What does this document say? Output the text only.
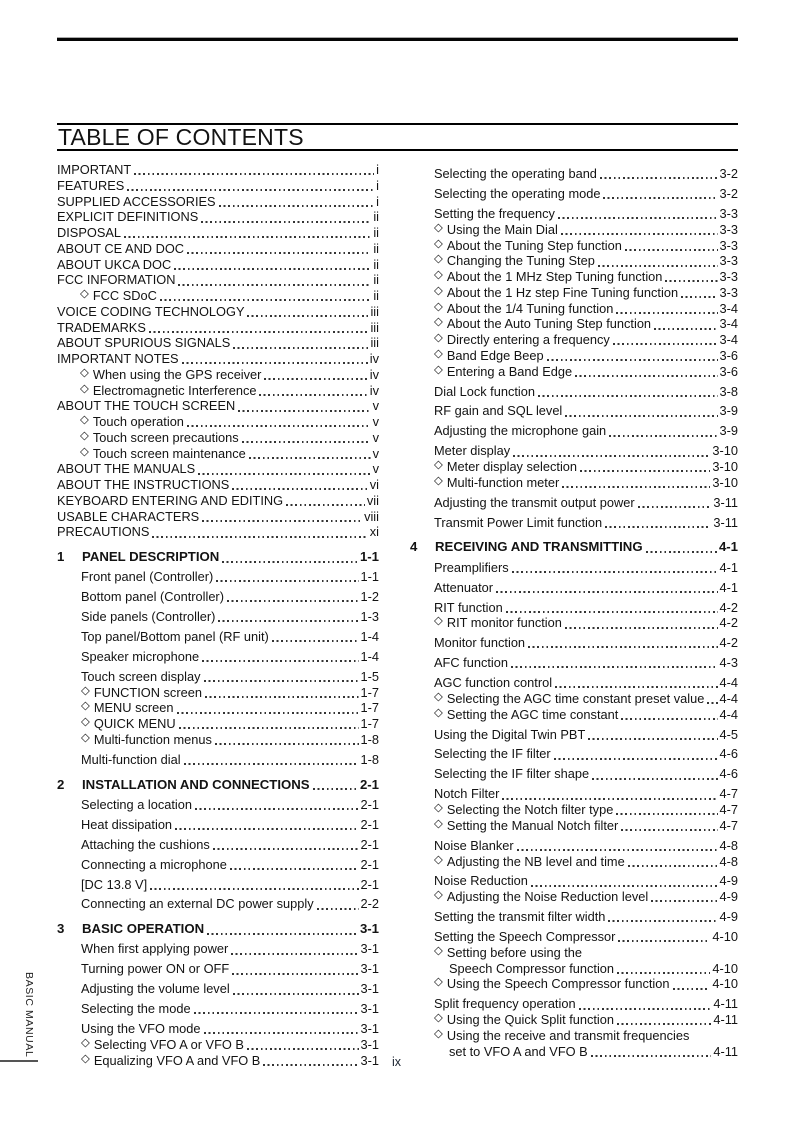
TABLE OF CONTENTS
IMPORTANT	i
FEATURES	i
SUPPLIED ACCESSORIES	i
EXPLICIT DEFINITIONS	ii
DISPOSAL	ii
ABOUT CE AND DOC	ii
ABOUT UKCA DOC	ii
FCC INFORMATION	ii
◇ FCC SDoC	ii
VOICE CODING TECHNOLOGY	iii
TRADEMARKS	iii
ABOUT SPURIOUS SIGNALS	iii
IMPORTANT NOTES	iv
◇ When using the GPS receiver	iv
◇ Electromagnetic Interference	iv
ABOUT THE TOUCH SCREEN	v
◇ Touch operation	v
◇ Touch screen precautions	v
◇ Touch screen maintenance	v
ABOUT THE MANUALS	v
ABOUT THE INSTRUCTIONS	vi
KEYBOARD ENTERING AND EDITING	vii
USABLE CHARACTERS	viii
PRECAUTIONS	xi
1	PANEL DESCRIPTION	1-1
Front panel (Controller)	1-1
Bottom panel (Controller)	1-2
Side panels (Controller)	1-3
Top panel/Bottom panel (RF unit)	1-4
Speaker microphone	1-4
Touch screen display	1-5
◇ FUNCTION screen	1-7
◇ MENU screen	1-7
◇ QUICK MENU	1-7
◇ Multi-function menus	1-8
Multi-function dial	1-8
2	INSTALLATION AND CONNECTIONS	2-1
Selecting a location	2-1
Heat dissipation	2-1
Attaching the cushions	2-1
Connecting a microphone	2-1
[DC 13.8 V]	2-1
Connecting an external DC power supply	2-2
3	BASIC OPERATION	3-1
When first applying power	3-1
Turning power ON or OFF	3-1
Adjusting the volume level	3-1
Selecting the mode	3-1
Using the VFO mode	3-1
◇ Selecting VFO A or VFO B	3-1
◇ Equalizing VFO A and VFO B	3-1
Selecting the operating band	3-2
Selecting the operating mode	3-2
Setting the frequency	3-3
◇ Using the Main Dial	3-3
◇ About the Tuning Step function	3-3
◇ Changing the Tuning Step	3-3
◇ About the 1 MHz Step Tuning function	3-3
◇ About the 1 Hz step Fine Tuning function	3-3
◇ About the 1/4 Tuning function	3-4
◇ About the Auto Tuning Step function	3-4
◇ Directly entering a frequency	3-4
◇ Band Edge Beep	3-6
◇ Entering a Band Edge	3-6
Dial Lock function	3-8
RF gain and SQL level	3-9
Adjusting the microphone gain	3-9
Meter display	3-10
◇ Meter display selection	3-10
◇ Multi-function meter	3-10
Adjusting the transmit output power	3-11
Transmit Power Limit function	3-11
4	RECEIVING AND TRANSMITTING	4-1
Preamplifiers	4-1
Attenuator	4-1
RIT function	4-2
◇ RIT monitor function	4-2
Monitor function	4-2
AFC function	4-3
AGC function control	4-4
◇ Selecting the AGC time constant preset value 4-4
◇ Setting the AGC time constant	4-4
Using the Digital Twin PBT	4-5
Selecting the IF filter	4-6
Selecting the IF filter shape	4-6
Notch Filter	4-7
◇ Selecting the Notch filter type	4-7
◇ Setting the Manual Notch filter	4-7
Noise Blanker	4-8
◇ Adjusting the NB level and time	4-8
Noise Reduction	4-9
◇ Adjusting the Noise Reduction level	4-9
Setting the transmit filter width	4-9
Setting the Speech Compressor	4-10
◇ Setting before using the
Speech Compressor function	4-10
◇ Using the Speech Compressor function	4-10
Split frequency operation	4-11
◇ Using the Quick Split function	4-11
◇ Using the receive and transmit frequencies
set to VFO A and VFO B	4-11
BASIC MANUAL
ix
